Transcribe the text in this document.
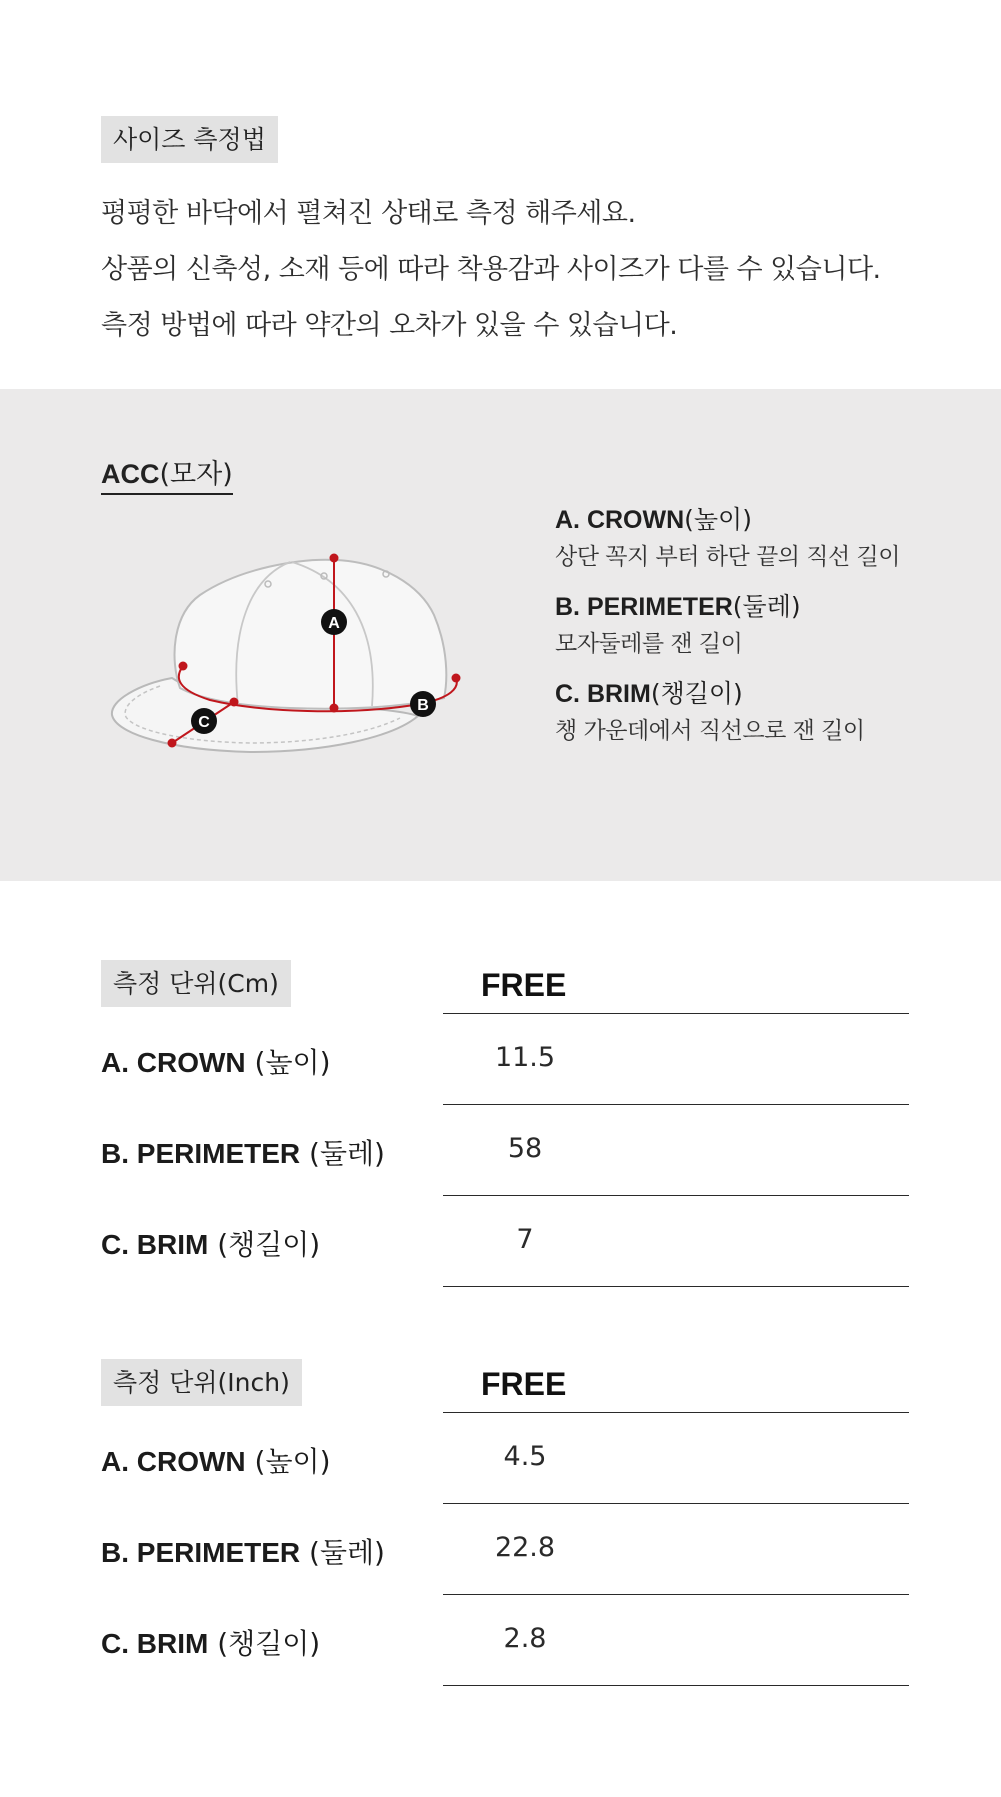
사이즈 측정법
평평한 바닥에서 펼쳐진 상태로 측정 해주세요.
상품의 신축성, 소재 등에 따라 착용감과 사이즈가 다를 수 있습니다.
측정 방법에 따라 약간의 오차가 있을 수 있습니다.
ACC(모자)
A
B
C
A. CROWN(높이)
상단 꼭지 부터 하단 끝의 직선 길이
B. PERIMETER(둘레)
모자둘레를 잰 길이
C. BRIM(챙길이)
챙 가운데에서 직선으로 잰 길이
측정 단위(Cm)	FREE
A. CROWN (높이)	11.5
B. PERIMETER (둘레)	58
C. BRIM (챙길이)	7
측정 단위(Inch)	FREE
A. CROWN (높이)	4.5
B. PERIMETER (둘레)	22.8
C. BRIM (챙길이)	2.8
